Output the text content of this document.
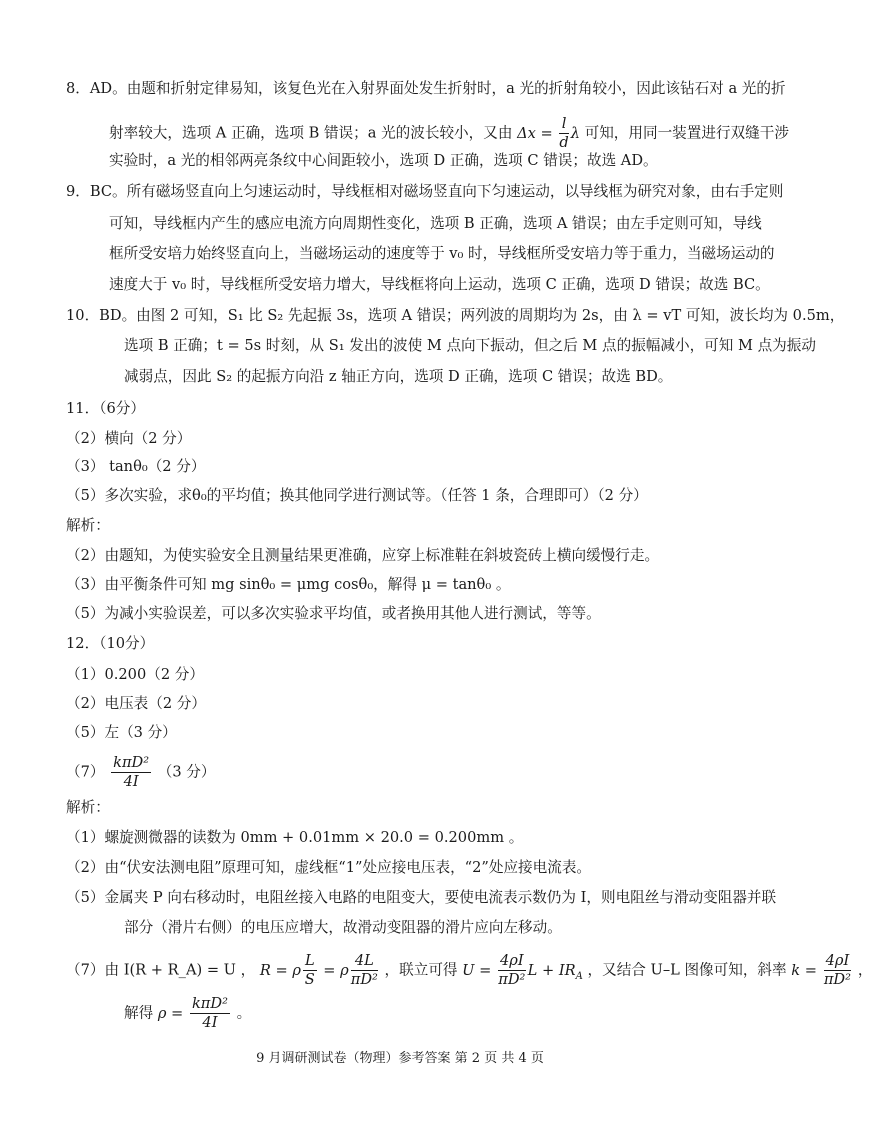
8．AD。由题和折射定律易知，该复色光在入射界面处发生折射时，a 光的折射角较小，因此该钻石对 a 光的折
射率较大，选项 A 正确，选项 B 错误；a 光的波长较小，又由 $\Delta x = \frac{l}{d}$ λ 可知，用同一装置进行双缝干涉
实验时，a 光的相邻两亮条纹中心间距较小，选项 D 正确，选项 C 错误；故选 AD。
9．BC。所有磁场竖直向上匀速运动时，导线框相对磁场竖直向下匀速运动，以导线框为研究对象，由右手定则
可知，导线框内产生的感应电流方向周期性变化，选项 B 正确，选项 A 错误；由左手定则可知，导线
框所受安培力始终竖直向上，当磁场运动的速度等于 v₀ 时，导线框所受安培力等于重力，当磁场运动的
速度大于 v₀ 时，导线框所受安培力增大，导线框将向上运动，选项 C 正确，选项 D 错误；故选 BC。
10．BD。由图 2 可知，S₁ 比 S₂ 先起振 3s，选项 A 错误；两列波的周期均为 2s，由 λ = vT 可知，波长均为 0.5m，
选项 B 正确；t = 5s 时刻，从 S₁ 发出的波使 M 点向下振动，但之后 M 点的振幅减小，可知 M 点为振动
减弱点，因此 S₂ 的起振方向沿 z 轴正方向，选项 D 正确，选项 C 错误；故选 BD。
11．（6分）
（2）横向（2 分）
（3） tanθ₀（2 分）
（5）多次实验，求θ₀的平均值；换其他同学进行测试等。（任答 1 条，合理即可）（2 分）
解析：
（2）由题知，为使实验安全且测量结果更准确，应穿上标准鞋在斜坡瓷砖上横向缓慢行走。
（3）由平衡条件可知 mg sinθ₀ = μmg cosθ₀，解得 μ = tanθ₀ 。
（5）为减小实验误差，可以多次实验求平均值，或者换用其他人进行测试，等等。
12．（10分）
（1）0.200（2 分）
（2）电压表（2 分）
（5）左（3 分）
$(7) \frac{\text{kπD²}}{4I} (3$ 分）
解析：
（1）螺旋测微器的读数为 0mm + 0.01mm × 20.0 = 0.200mm 。
（2）由“伏安法测电阻”原理可知，虚线框“1”处应接电压表，“2”处应接电流表。
（5）金属夹 P 向右移动时，电阻丝接入电路的电阻变大，要使电流表示数仍为 I，则电阻丝与滑动变阻器并联
部分（滑片右侧）的电压应增大，故滑动变阻器的滑片应向左移动。
（7）由 I(R + R_A) = U ， R = ρ $\frac{L}{S} = \rho \frac{4L}{\text{πD²}}$ ，联立可得 $U = \frac{4\rho I}{\text{πD²}}$ $L + IR_A$ ，又结合 U–L 图像可知，斜率 $k = \frac{4\rho I}{\text{πD²}}$ ，
解得 $\rho = \frac{\text{kπD²}}{4I}$ 。
9 月调研测试卷（物理）参考答案 第 2 页 共 4 页
